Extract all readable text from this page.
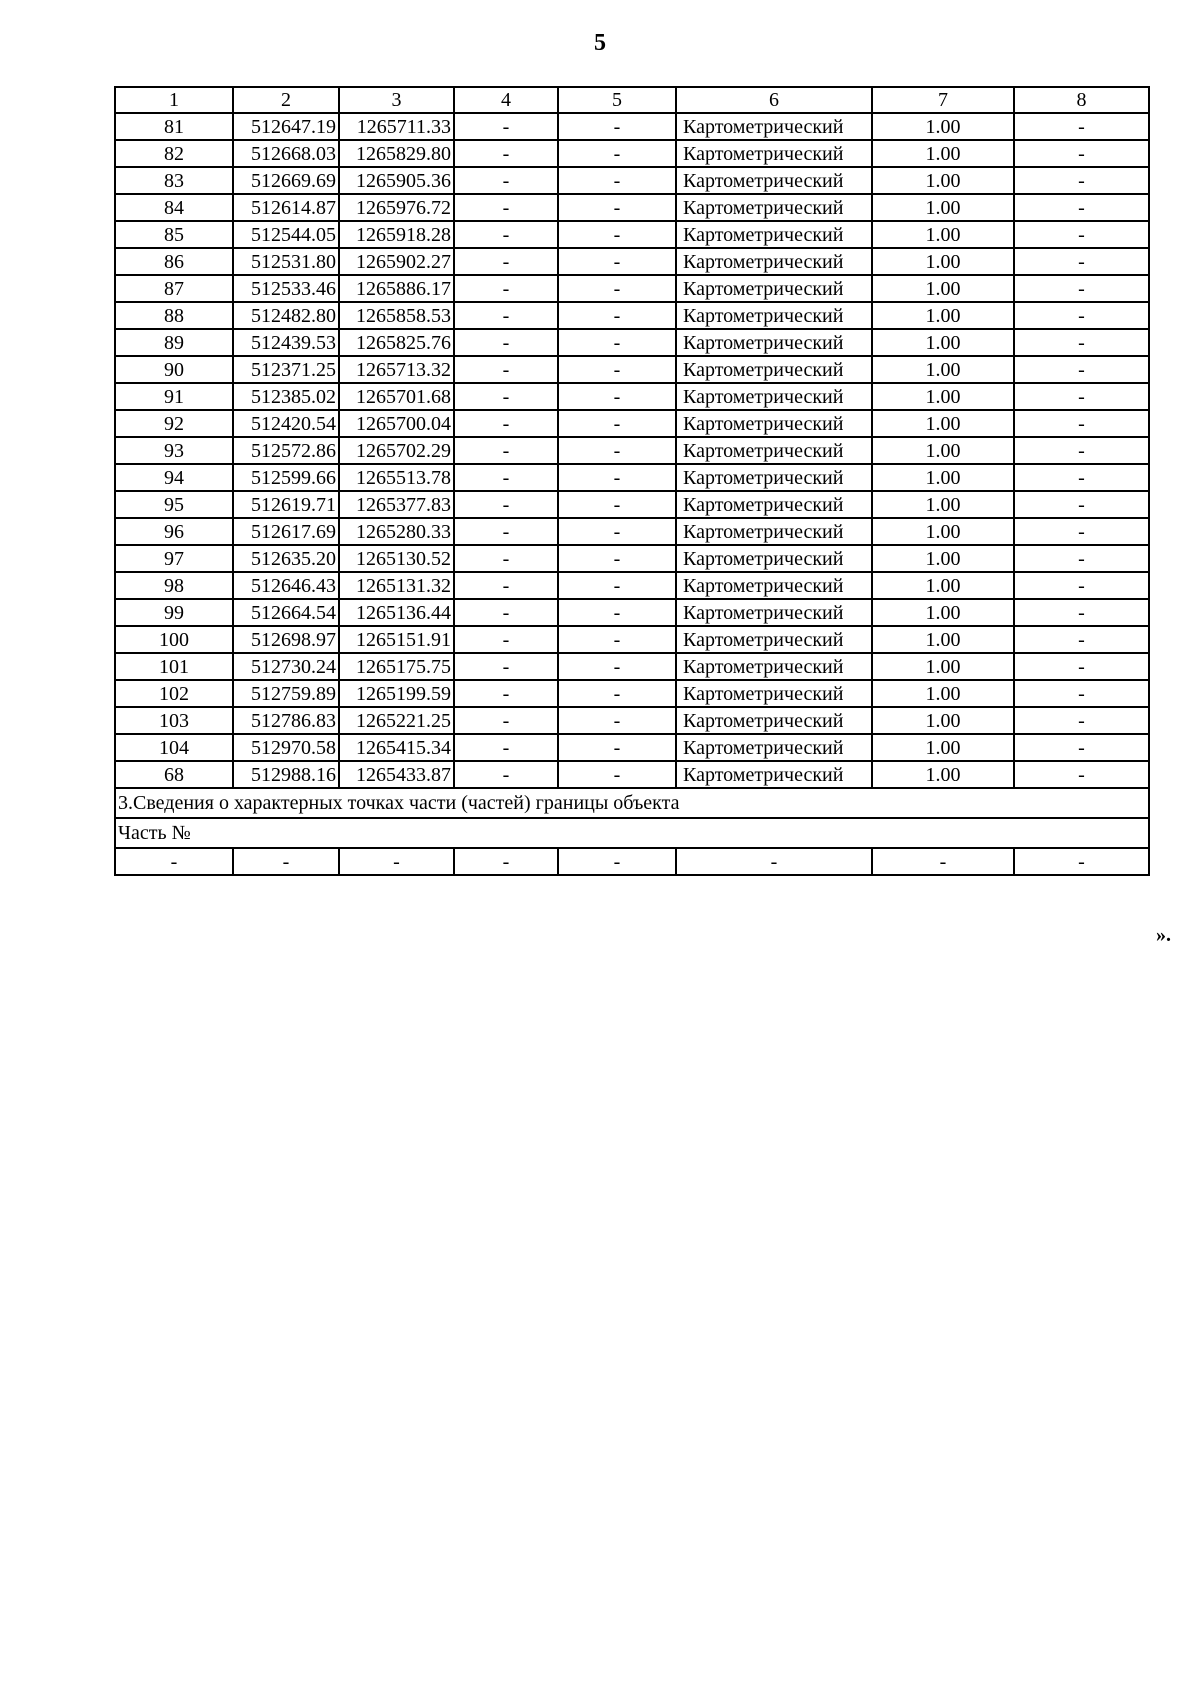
5
1	2	3	4	5	6	7	8
81	512647.19	1265711.33	-	-	Картометрический	1.00	-
82	512668.03	1265829.80	-	-	Картометрический	1.00	-
83	512669.69	1265905.36	-	-	Картометрический	1.00	-
84	512614.87	1265976.72	-	-	Картометрический	1.00	-
85	512544.05	1265918.28	-	-	Картометрический	1.00	-
86	512531.80	1265902.27	-	-	Картометрический	1.00	-
87	512533.46	1265886.17	-	-	Картометрический	1.00	-
88	512482.80	1265858.53	-	-	Картометрический	1.00	-
89	512439.53	1265825.76	-	-	Картометрический	1.00	-
90	512371.25	1265713.32	-	-	Картометрический	1.00	-
91	512385.02	1265701.68	-	-	Картометрический	1.00	-
92	512420.54	1265700.04	-	-	Картометрический	1.00	-
93	512572.86	1265702.29	-	-	Картометрический	1.00	-
94	512599.66	1265513.78	-	-	Картометрический	1.00	-
95	512619.71	1265377.83	-	-	Картометрический	1.00	-
96	512617.69	1265280.33	-	-	Картометрический	1.00	-
97	512635.20	1265130.52	-	-	Картометрический	1.00	-
98	512646.43	1265131.32	-	-	Картометрический	1.00	-
99	512664.54	1265136.44	-	-	Картометрический	1.00	-
100	512698.97	1265151.91	-	-	Картометрический	1.00	-
101	512730.24	1265175.75	-	-	Картометрический	1.00	-
102	512759.89	1265199.59	-	-	Картометрический	1.00	-
103	512786.83	1265221.25	-	-	Картометрический	1.00	-
104	512970.58	1265415.34	-	-	Картометрический	1.00	-
68	512988.16	1265433.87	-	-	Картометрический	1.00	-
3.Сведения о характерных точках части (частей) границы объекта							
Часть №							
-	-	-	-	-	-	-	-
».
